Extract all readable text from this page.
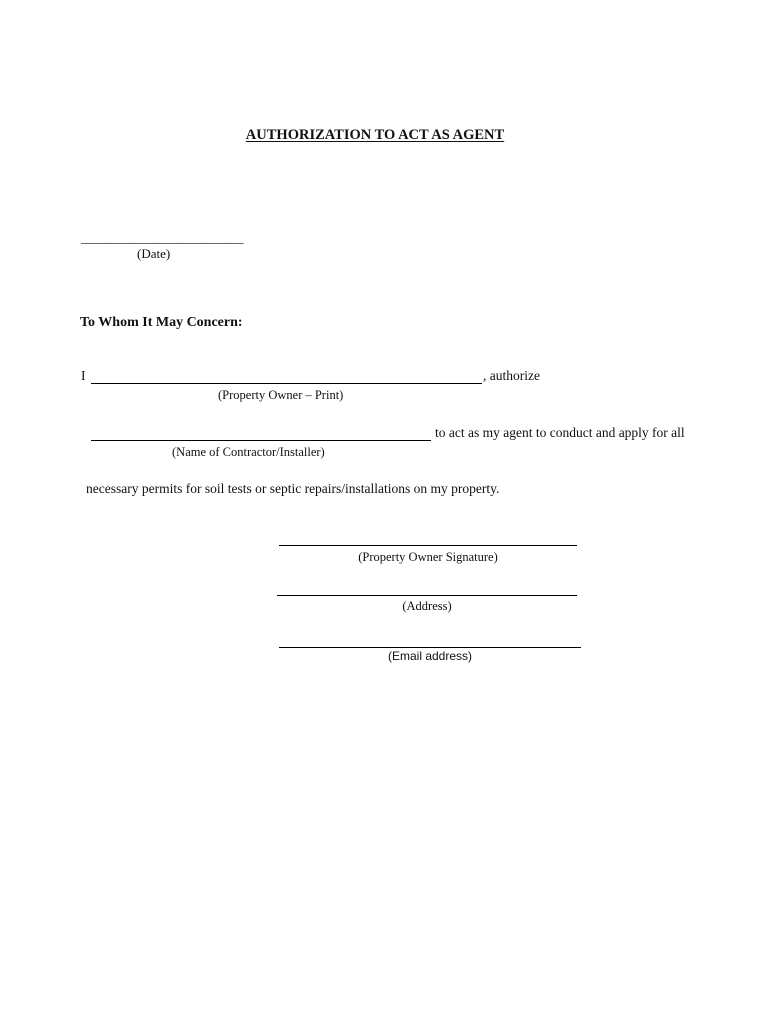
AUTHORIZATION TO ACT AS AGENT
___________________________
(Date)
To Whom It May Concern:
I	, authorize
(Property Owner – Print)
to act as my agent to conduct and apply for all
(Name of Contractor/Installer)
necessary permits for soil tests or septic repairs/installations on my property.
(Property Owner Signature)
(Address)
(Email address)
